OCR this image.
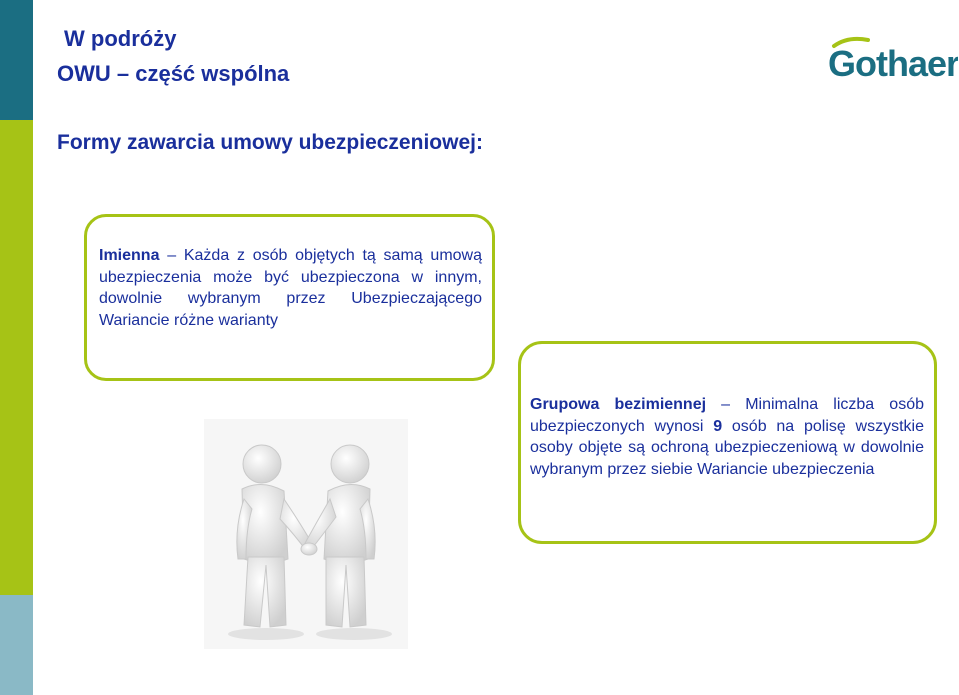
W podróży
OWU – część wspólna
Formy zawarcia umowy ubezpieczeniowej:
Gothaer
Imienna – Każda z osób objętych tą samą umową ubezpieczenia może być ubezpieczona w innym, dowolnie wybranym przez Ubezpieczającego Wariancie różne warianty
Grupowa bezimiennej – Minimalna liczba osób ubezpieczonych wynosi 9 osób na polisę wszystkie osoby objęte są ochroną ubezpieczeniową w dowolnie wybranym przez siebie Wariancie ubezpieczenia
